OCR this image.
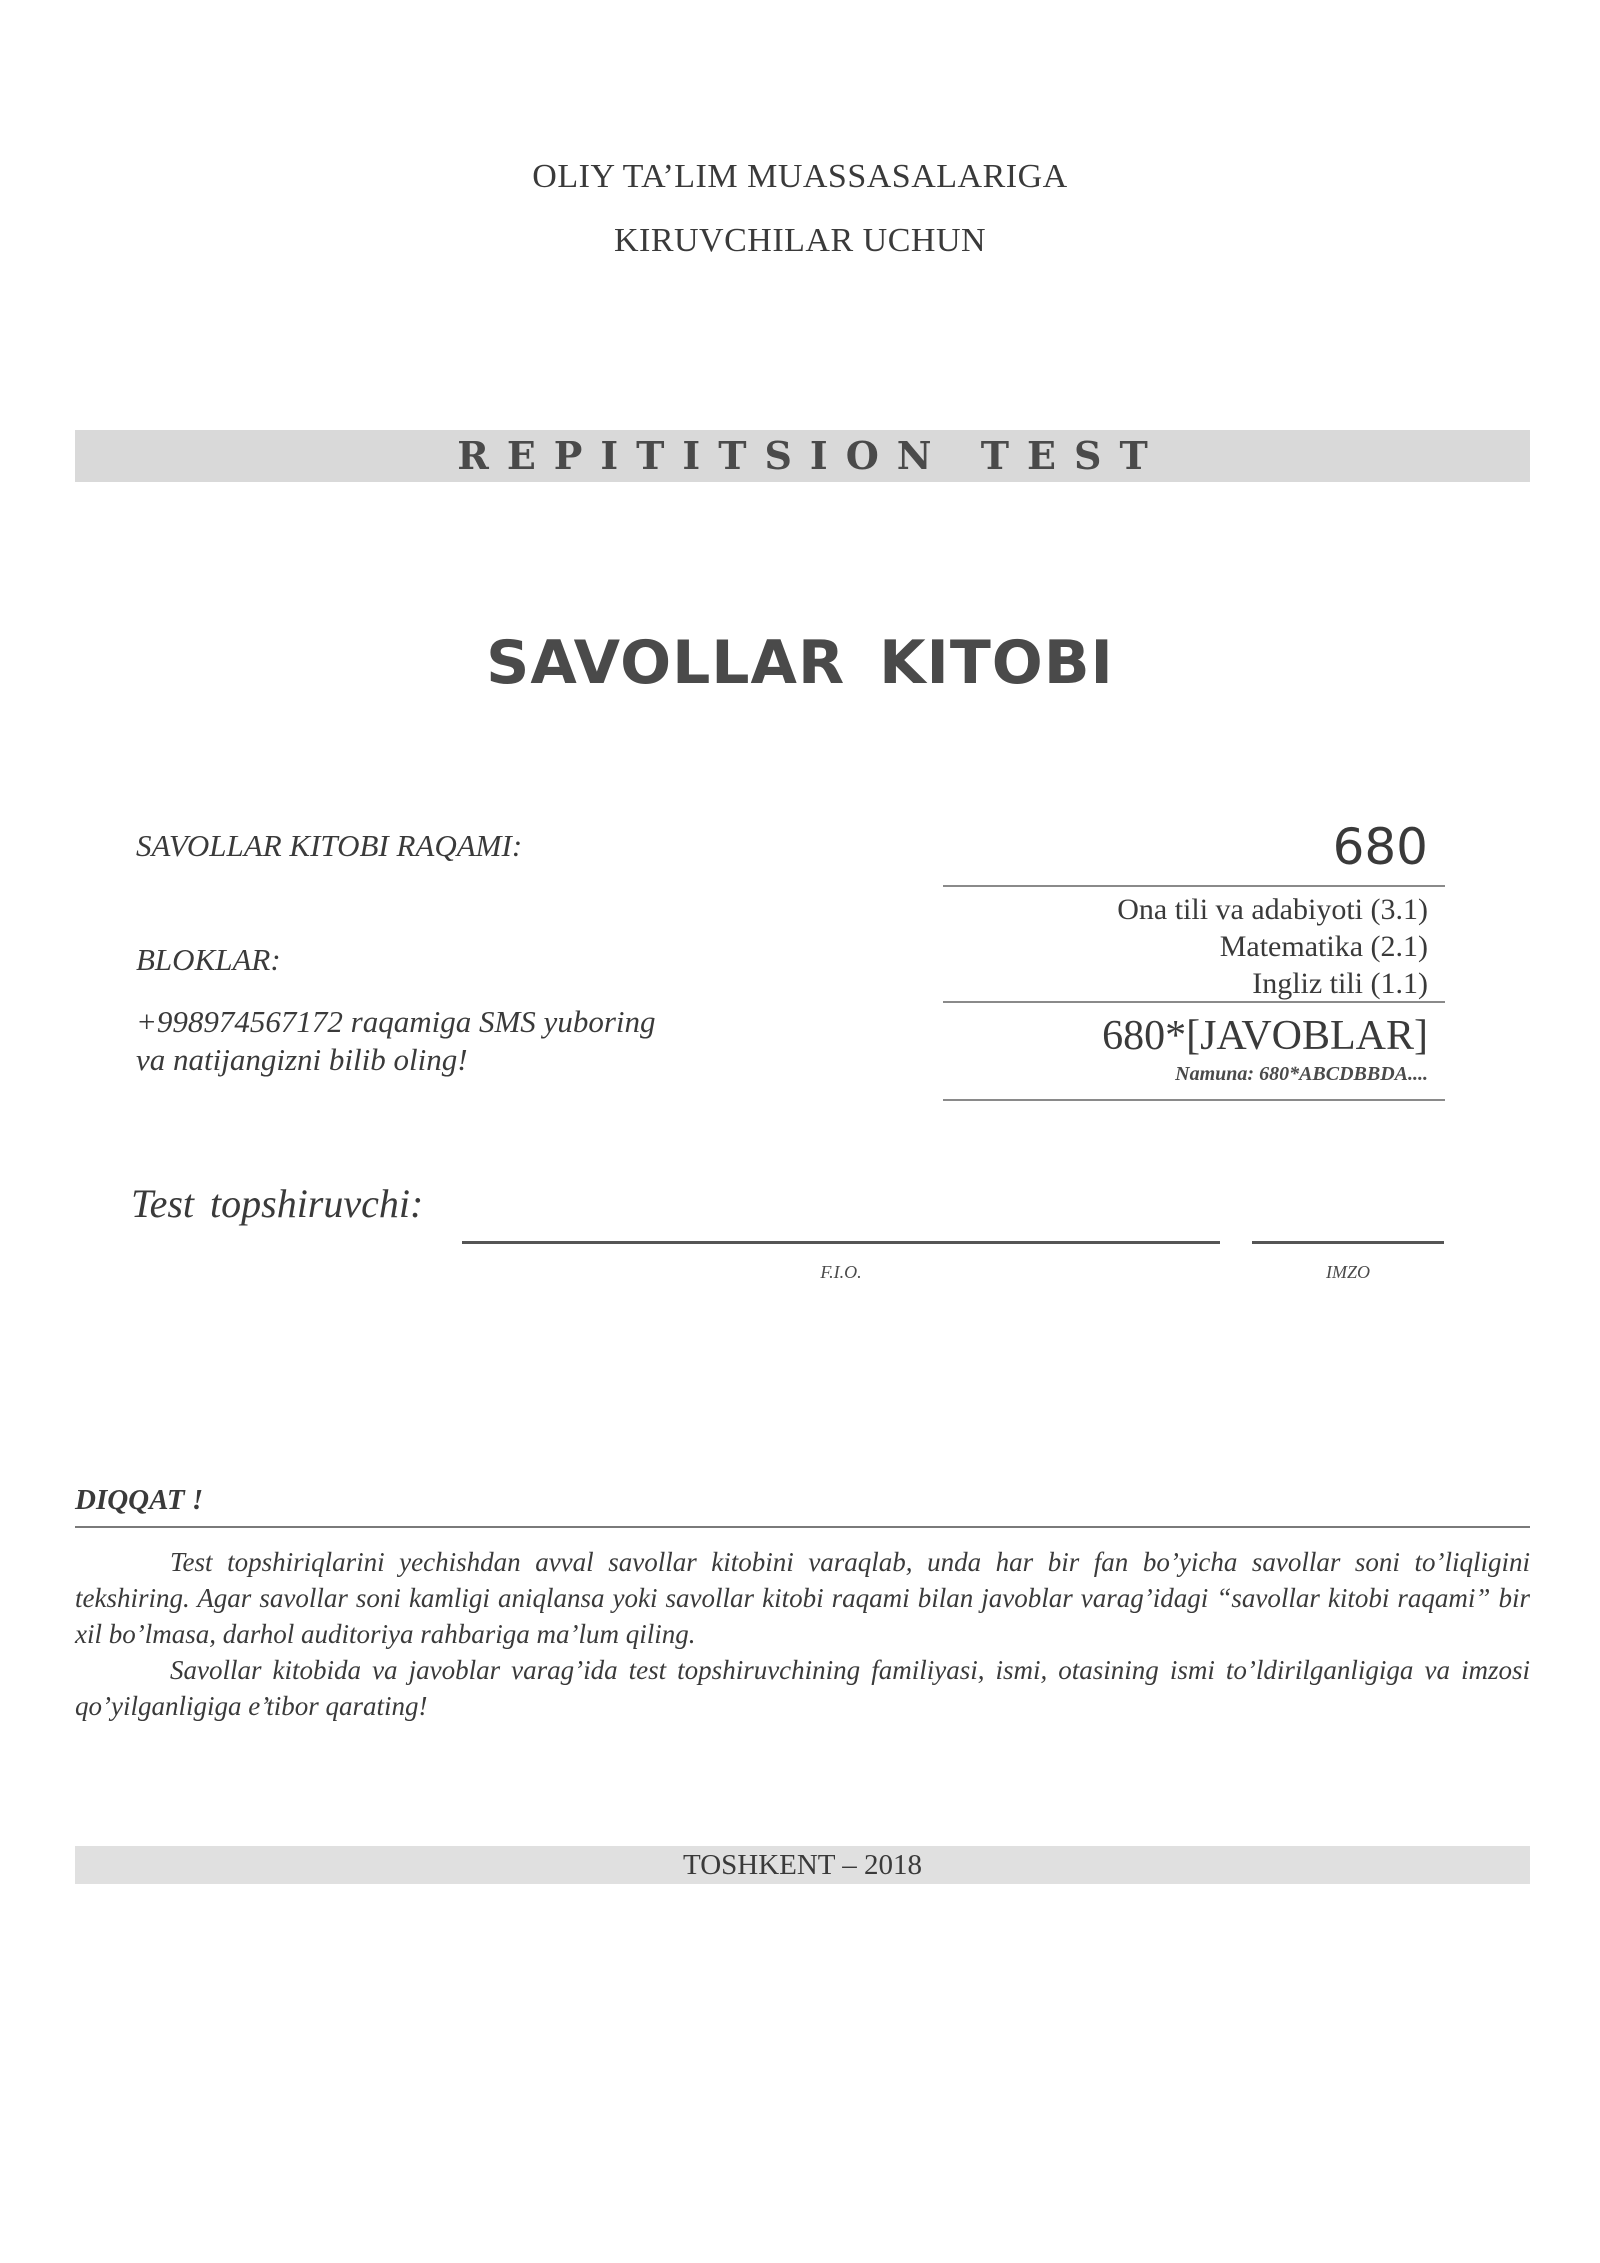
OLIY TA’LIM MUASSASALARIGA
KIRUVCHILAR UCHUN
REPITITSION TEST
SAVOLLAR KITOBI
SAVOLLAR KITOBI RAQAMI:	680
BLOKLAR:
Ona tili va adabiyoti (3.1)
Matematika (2.1)
Ingliz tili (1.1)
+998974567172 raqamiga SMS yuboring
va natijangizni bilib oling!
680*[JAVOBLAR]
Namuna: 680*ABCDBBDA....
Test topshiruvchi:
F.I.O.	IMZO
DIQQAT !

Test topshiriqlarini yechishdan avval savollar kitobini varaqlab, unda har bir fan bo’yicha savollar soni to’liqligini tekshiring. Agar savollar soni kamligi aniqlansa yoki savollar kitobi raqami bilan javoblar varag’idagi “savollar kitobi raqami” bir xil bo’lmasa, darhol auditoriya rahbariga ma’lum qiling.

Savollar kitobida va javoblar varag’ida test topshiruvchining familiyasi, ismi, otasining ismi to’ldirilganligiga va imzosi qo’yilganligiga e’tibor qarating!

TOSHKENT – 2018
